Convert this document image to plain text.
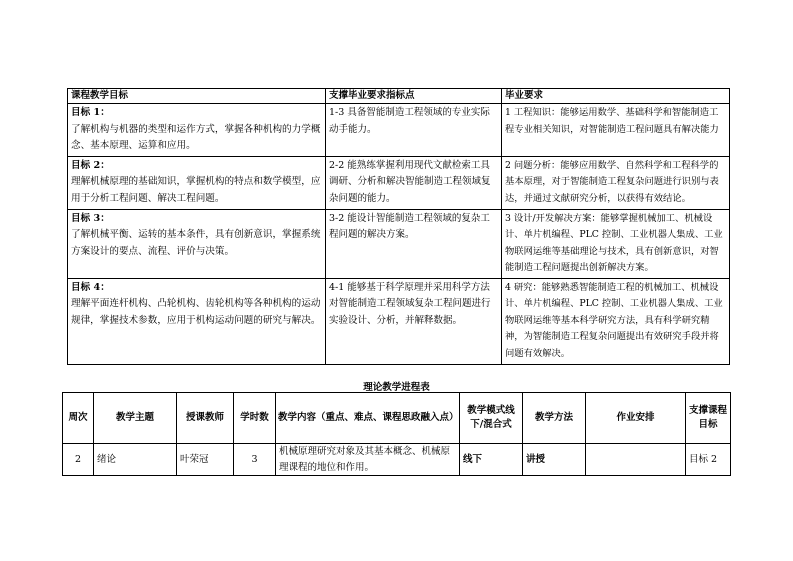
课程教学目标	支撑毕业要求指标点	毕业要求

目标 1：
了解机构与机器的类型和运作方式，掌握各种机构的力学概念、基本原理、运算和应用。	1-3 具备智能制造工程领域的专业实际动手能力。	1 工程知识：能够运用数学、基础科学和智能制造工程专业相关知识，对智能制造工程问题具有解决能力

目标 2：
理解机械原理的基础知识，掌握机构的特点和数学模型，应用于分析工程问题、解决工程问题。	2-2 能熟练掌握利用现代文献检索工具调研、分析和解决智能制造工程领域复杂问题的能力。	2 问题分析：能够应用数学、自然科学和工程科学的基本原理，对于智能制造工程复杂问题进行识别与表达，并通过文献研究分析，以获得有效结论。

目标 3：
了解机械平衡、运转的基本条件，具有创新意识，掌握系统方案设计的要点、流程、评价与决策。	3-2 能设计智能制造工程领域的复杂工程问题的解决方案。	3 设计/开发解决方案：能够掌握机械加工、机械设计、单片机编程、PLC 控制、工业机器人集成、工业物联网运维等基础理论与技术，具有创新意识，对智能制造工程问题提出创新解决方案。

目标 4：
理解平面连杆机构、凸轮机构、齿轮机构等各种机构的运动规律，掌握技术参数，应用于机构运动问题的研究与解决。	4-1 能够基于科学原理并采用科学方法对智能制造工程领域复杂工程问题进行实验设计、分析，并解释数据。	4 研究：能够熟悉智能制造工程的机械加工、机械设计、单片机编程、PLC 控制、工业机器人集成、工业物联网运维等基本科学研究方法，具有科学研究精神，为智能制造工程复杂问题提出有效研究手段并将问题有效解决。
理论教学进程表
周次	教学主题	授课教师	学时数	教学内容（重点、难点、课程思政融入点）	教学模式线下/混合式	教学方法	作业安排	支撑课程目标
2	绪论	叶荣冠	3	机械原理研究对象及其基本概念、机械原理课程的地位和作用。	线下	讲授		目标 2
